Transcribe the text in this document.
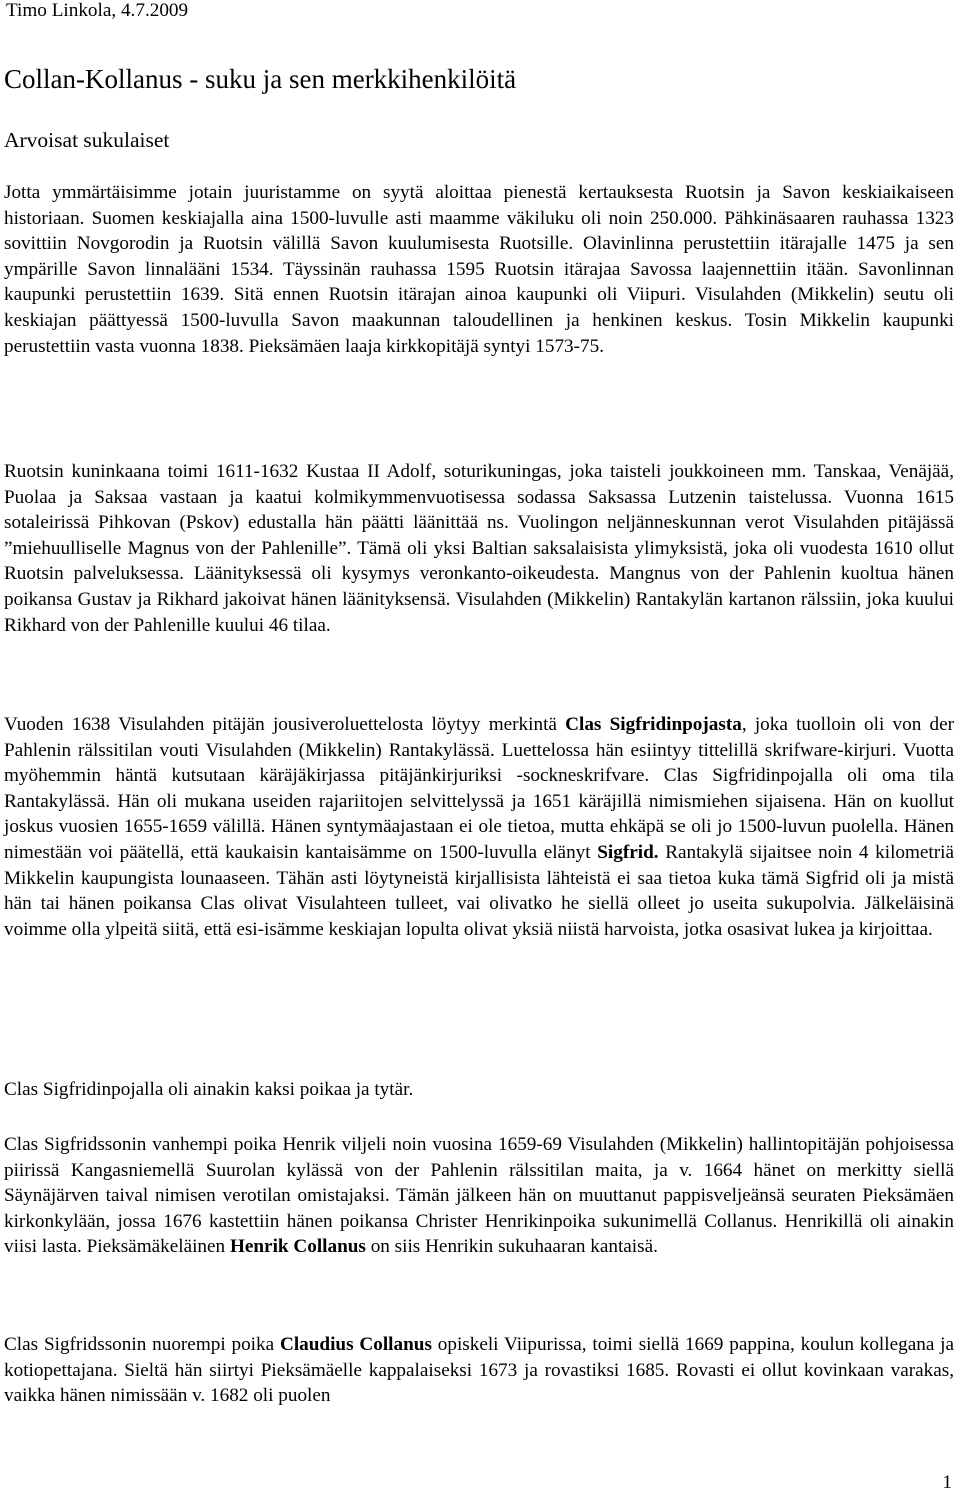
Timo Linkola, 4.7.2009
Collan-Kollanus - suku ja sen merkkihenkilöitä

Arvoisat sukulaiset

Jotta ymmärtäisimme jotain juuristamme on syytä aloittaa pienestä kertauksesta Ruotsin ja Savon keskiaikaiseen historiaan. Suomen keskiajalla aina 1500-luvulle asti maamme väkiluku oli noin 250.000. Pähkinäsaaren rauhassa 1323 sovittiin Novgorodin ja Ruotsin välillä Savon kuulumisesta Ruotsille. Olavinlinna perustettiin itärajalle 1475 ja sen ympärille Savon linnalääni 1534. Täyssinän rauhassa 1595 Ruotsin itärajaa Savossa laajennettiin itään. Savonlinnan kaupunki perustettiin 1639. Sitä ennen Ruotsin itärajan ainoa kaupunki oli Viipuri. Visulahden (Mikkelin) seutu oli keskiajan päättyessä 1500-luvulla Savon maakunnan taloudellinen ja henkinen keskus. Tosin Mikkelin kaupunki perustettiin vasta vuonna 1838. Pieksämäen laaja kirkkopitäjä syntyi 1573-75.

Ruotsin kuninkaana toimi 1611-1632 Kustaa II Adolf, soturikuningas, joka taisteli joukkoineen mm. Tanskaa, Venäjää, Puolaa ja Saksaa vastaan ja kaatui kolmikymmenvuotisessa sodassa Saksassa Lutzenin taistelussa. Vuonna 1615 sotaleirissä Pihkovan (Pskov) edustalla hän päätti läänittää ns. Vuolingon neljänneskunnan verot Visulahden pitäjässä ”miehuulliselle Magnus von der Pahlenille”. Tämä oli yksi Baltian saksalaisista ylimyksistä, joka oli vuodesta 1610 ollut Ruotsin palveluksessa. Läänityksessä oli kysymys veronkanto-oikeudesta. Mangnus von der Pahlenin kuoltua hänen poikansa Gustav ja Rikhard jakoivat hänen läänityksensä. Visulahden (Mikkelin) Rantakylän kartanon rälssiin, joka kuului Rikhard von der Pahlenille kuului 46 tilaa.

Vuoden 1638 Visulahden pitäjän jousiveroluettelosta löytyy merkintä Clas Sigfridinpojasta, joka tuolloin oli von der Pahlenin rälssitilan vouti Visulahden (Mikkelin) Rantakylässä. Luettelossa hän esiintyy tittelillä skrifware-kirjuri. Vuotta myöhemmin häntä kutsutaan käräjäkirjassa pitäjänkirjuriksi -sockneskrifvare. Clas Sigfridinpojalla oli oma tila Rantakylässä. Hän oli mukana useiden rajariitojen selvittelyssä ja 1651 käräjillä nimismiehen sijaisena. Hän on kuollut joskus vuosien 1655-1659 välillä. Hänen syntymäajastaan ei ole tietoa, mutta ehkäpä se oli jo 1500-luvun puolella. Hänen nimestään voi päätellä, että kaukaisin kantaisämme on 1500-luvulla elänyt Sigfrid. Rantakylä sijaitsee noin 4 kilometriä Mikkelin kaupungista lounaaseen. Tähän asti löytyneistä kirjallisista lähteistä ei saa tietoa kuka tämä Sigfrid oli ja mistä hän tai hänen poikansa Clas olivat Visulahteen tulleet, vai olivatko he siellä olleet jo useita sukupolvia. Jälkeläisinä voimme olla ylpeitä siitä, että esi-isämme keskiajan lopulta olivat yksiä niistä harvoista, jotka osasivat lukea ja kirjoittaa.

Clas Sigfridinpojalla oli ainakin kaksi poikaa ja tytär.

Clas Sigfridssonin vanhempi poika Henrik viljeli noin vuosina 1659-69 Visulahden (Mikkelin) hallintopitäjän pohjoisessa piirissä Kangasniemellä Suurolan kylässä von der Pahlenin rälssitilan maita, ja v. 1664 hänet on merkitty siellä Säynäjärven taival nimisen verotilan omistajaksi. Tämän jälkeen hän on muuttanut pappisveljeänsä seuraten Pieksämäen kirkonkylään, jossa 1676 kastettiin hänen poikansa Christer Henrikinpoika sukunimellä Collanus. Henrikillä oli ainakin viisi lasta. Pieksämäkeläinen Henrik Collanus on siis Henrikin sukuhaaran kantaisä.

Clas Sigfridssonin nuorempi poika Claudius Collanus opiskeli Viipurissa, toimi siellä 1669 pappina, koulun kollegana ja kotiopettajana. Sieltä hän siirtyi Pieksämäelle kappalaiseksi 1673 ja rovastiksi 1685. Rovasti ei ollut kovinkaan varakas, vaikka hänen nimissään v. 1682 oli puolen

1
